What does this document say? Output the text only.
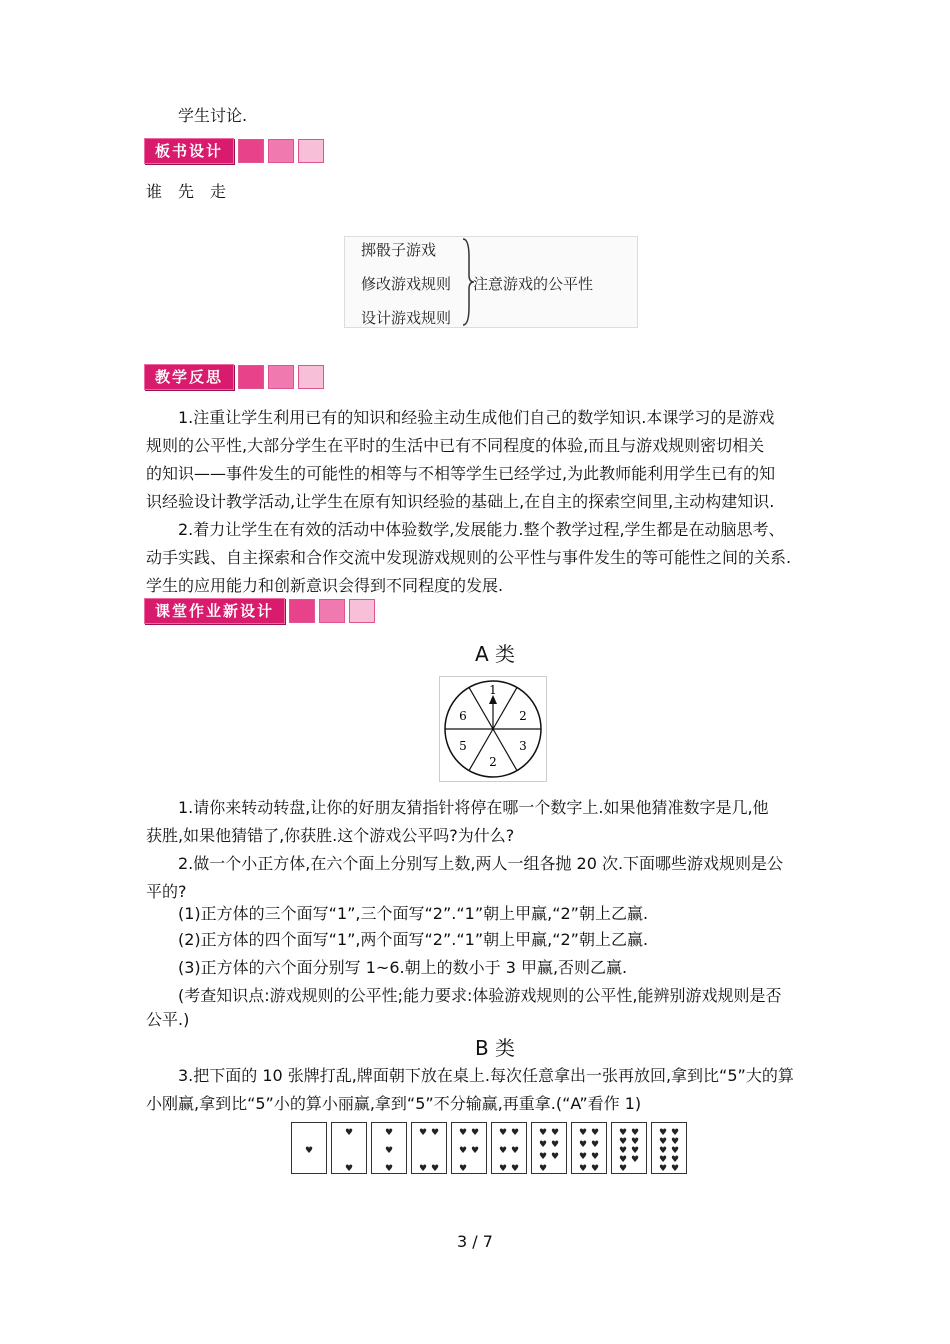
学生讨论.
板书设计
谁　先　走
掷骰子游戏
修改游戏规则
设计游戏规则
注意游戏的公平性
教学反思
1.注重让学生利用已有的知识和经验主动生成他们自己的数学知识.本课学习的是游戏
规则的公平性,大部分学生在平时的生活中已有不同程度的体验,而且与游戏规则密切相关
的知识——事件发生的可能性的相等与不相等学生已经学过,为此教师能利用学生已有的知
识经验设计教学活动,让学生在原有知识经验的基础上,在自主的探索空间里,主动构建知识.
2.着力让学生在有效的活动中体验数学,发展能力.整个教学过程,学生都是在动脑思考、
动手实践、自主探索和合作交流中发现游戏规则的公平性与事件发生的等可能性之间的关系.
学生的应用能力和创新意识会得到不同程度的发展.
课堂作业新设计
A 类
1
2
3
2
5
6
1.请你来转动转盘,让你的好朋友猜指针将停在哪一个数字上.如果他猜准数字是几,他
获胜,如果他猜错了,你获胜.这个游戏公平吗?为什么?
2.做一个小正方体,在六个面上分别写上数,两人一组各抛 20 次.下面哪些游戏规则是公
平的?
(1)正方体的三个面写“1”,三个面写“2”.“1”朝上甲赢,“2”朝上乙赢.
(2)正方体的四个面写“1”,两个面写“2”.“1”朝上甲赢,“2”朝上乙赢.
(3)正方体的六个面分别写 1~6.朝上的数小于 3 甲赢,否则乙赢.
(考查知识点:游戏规则的公平性;能力要求:体验游戏规则的公平性,能辨别游戏规则是否
公平.)
B 类
3.把下面的 10 张牌打乱,牌面朝下放在桌上.每次任意拿出一张再放回,拿到比“5”大的算
小刚赢,拿到比“5”小的算小丽赢,拿到“5”不分输赢,再重拿.(“A”看作 1)
♥
♥
♥
♥
♥
♥
♥ ♥
♥ ♥
♥ ♥
♥ ♥
♥
♥ ♥
♥ ♥
♥ ♥
♥ ♥
♥ ♥
♥ ♥
♥
♥ ♥
♥ ♥
♥ ♥
♥ ♥
♥ ♥
♥ ♥
♥ ♥
♥ ♥
♥
♥ ♥
♥ ♥
♥ ♥
♥ ♥
♥ ♥
3 / 7
